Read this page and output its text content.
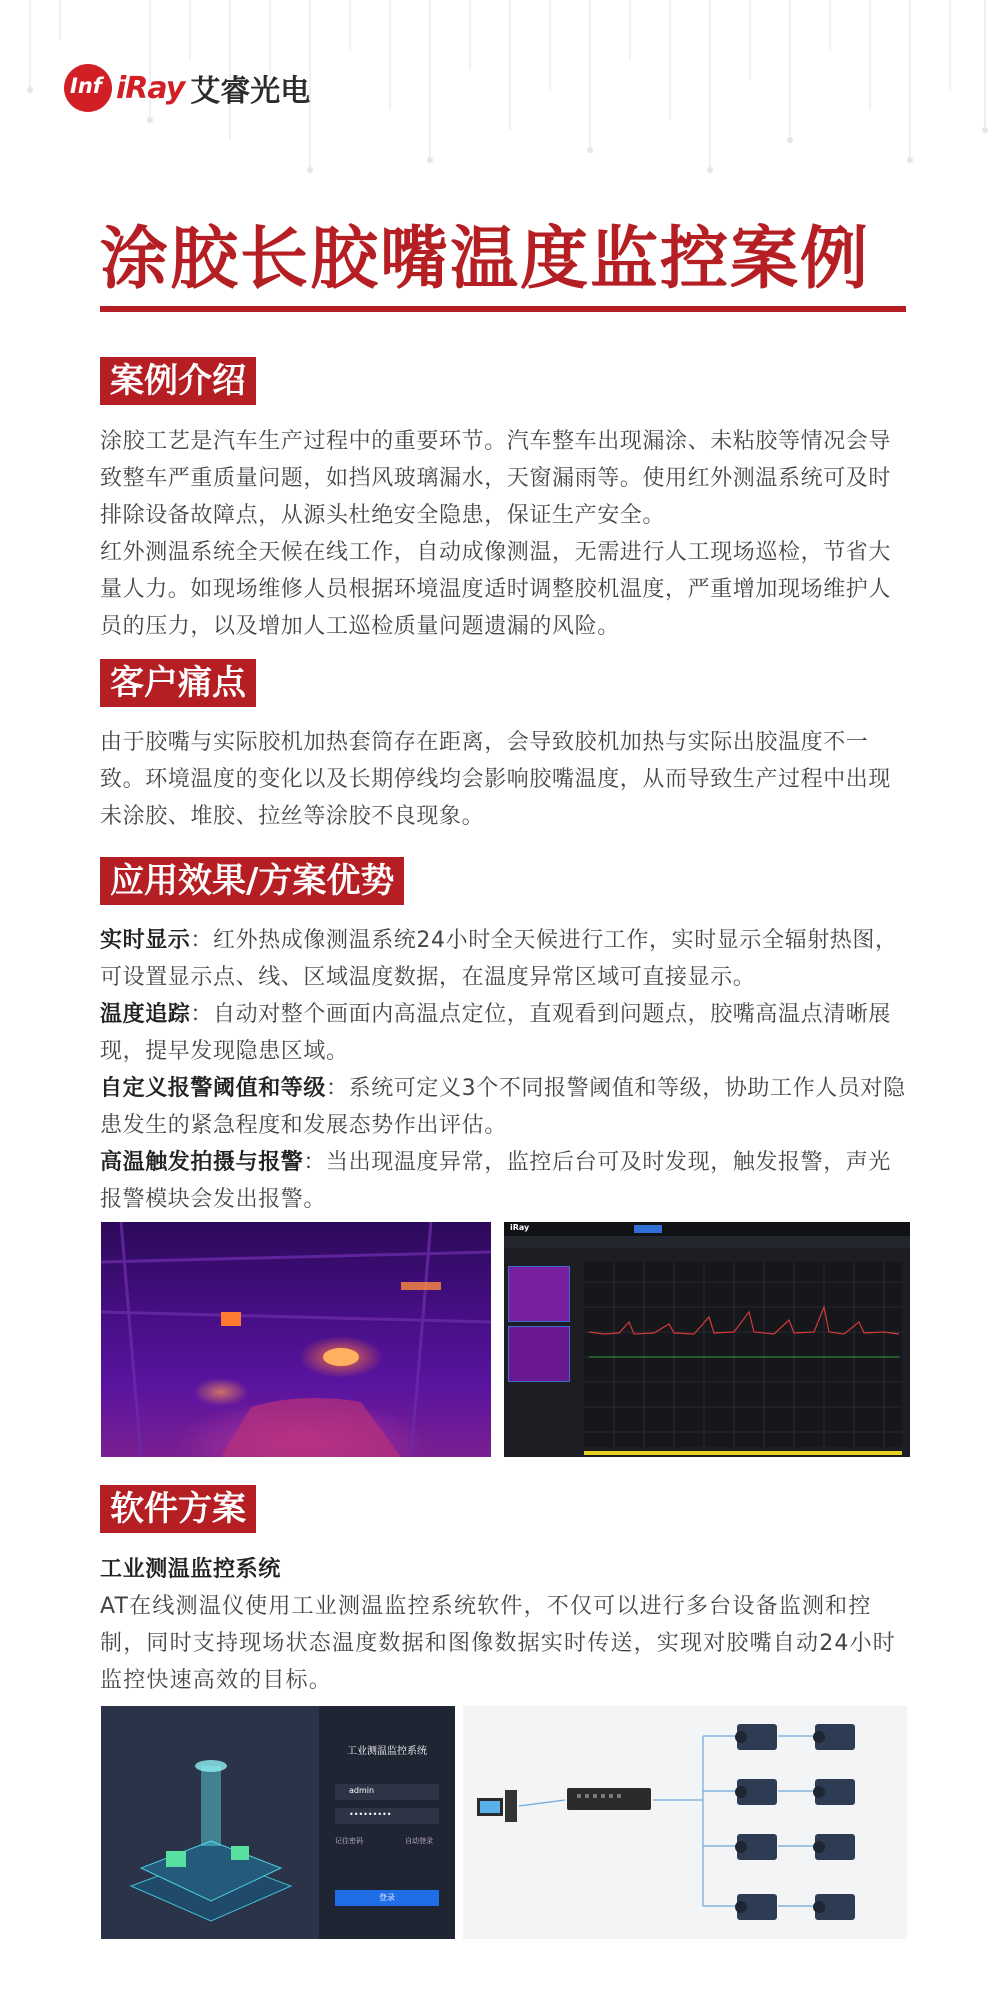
Inf iRay 艾睿光电
涂胶长胶嘴温度监控案例
案例介绍

涂胶工艺是汽车生产过程中的重要环节。汽车整车出现漏涂、未粘胶等情况会导致整车严重质量问题，如挡风玻璃漏水，天窗漏雨等。使用红外测温系统可及时排除设备故障点，从源头杜绝安全隐患，保证生产安全。

红外测温系统全天候在线工作，自动成像测温，无需进行人工现场巡检，节省大量人力。如现场维修人员根据环境温度适时调整胶机温度，严重增加现场维护人员的压力，以及增加人工巡检质量问题遗漏的风险。

客户痛点

由于胶嘴与实际胶机加热套筒存在距离，会导致胶机加热与实际出胶温度不一致。环境温度的变化以及长期停线均会影响胶嘴温度，从而导致生产过程中出现未涂胶、堆胶、拉丝等涂胶不良现象。

应用效果/方案优势
实时显示：红外热成像测温系统24小时全天候进行工作，实时显示全辐射热图，可设置显示点、线、区域温度数据，在温度异常区域可直接显示。
温度追踪：自动对整个画面内高温点定位，直观看到问题点，胶嘴高温点清晰展现，提早发现隐患区域。
自定义报警阈值和等级：系统可定义3个不同报警阈值和等级，协助工作人员对隐患发生的紧急程度和发展态势作出评估。
高温触发拍摄与报警：当出现温度异常，监控后台可及时发现，触发报警，声光报警模块会发出报警。
iRay
软件方案
工业测温监控系统

AT在线测温仪使用工业测温监控系统软件，不仅可以进行多台设备监测和控制，同时支持现场状态温度数据和图像数据实时传送，实现对胶嘴自动24小时监控快速高效的目标。

工业测温监控系统
admin
•••••••••
记住密码	自动登录
登录
